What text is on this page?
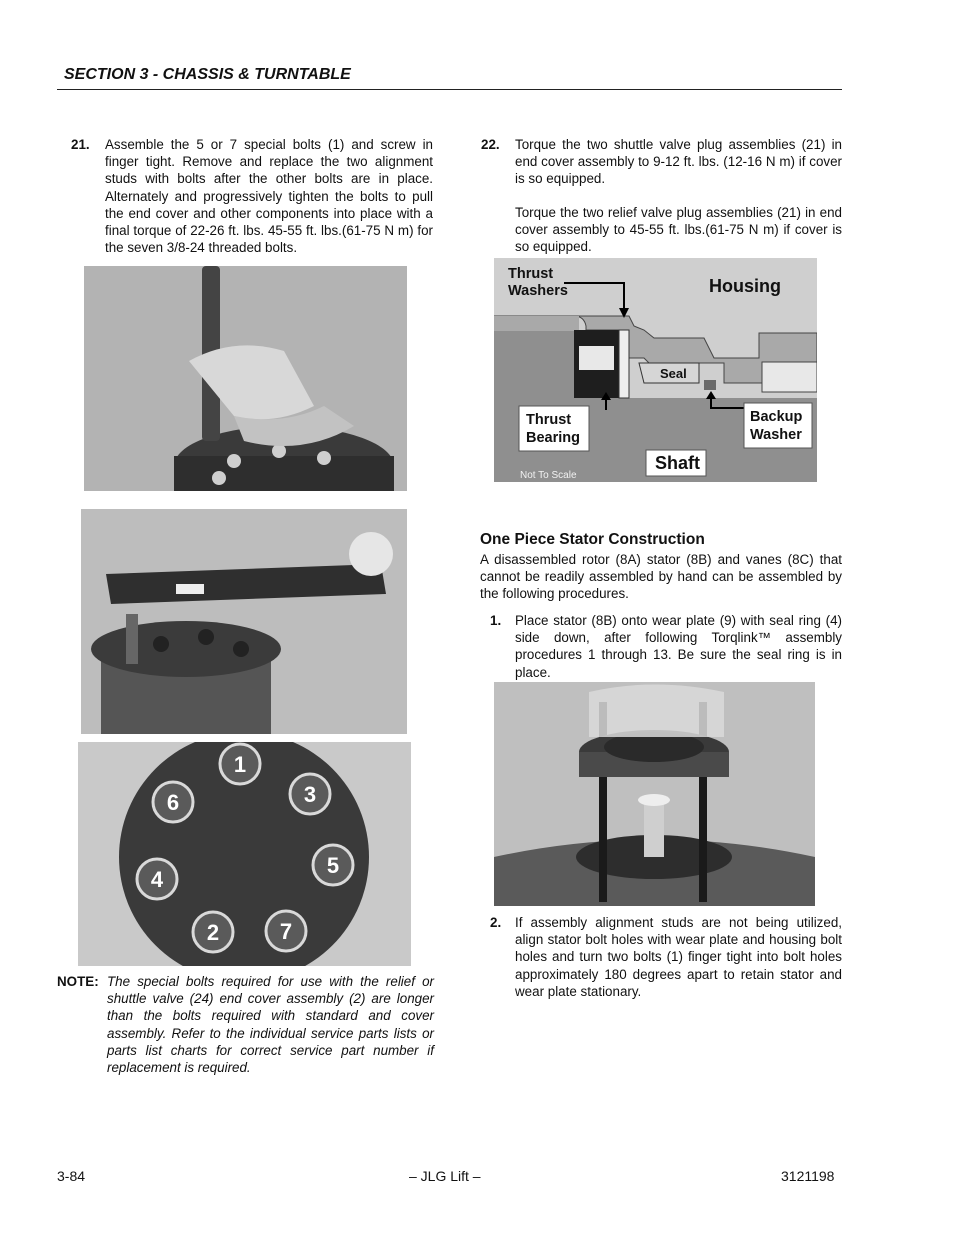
SECTION 3 - CHASSIS & TURNTABLE
21. Assemble the 5 or 7 special bolts (1) and screw in finger tight. Remove and replace the two alignment studs with bolts after the other bolts are in place. Alternately and progressively tighten the bolts to pull the end cover and other components into place with a final torque of 22-26 ft. lbs. 45-55 ft. lbs.(61-75 N m) for the seven 3/8-24 threaded bolts.
1
3
5
7
2
4
6
NOTE: The special bolts required for use with the relief or shuttle valve (24) end cover assembly (2) are longer than the bolts required with standard and cover assembly. Refer to the individual service parts lists or parts list charts for correct service part number if replacement is required.
22. Torque the two shuttle valve plug assemblies (21) in end cover assembly to 9-12 ft. lbs. (12-16 N m) if cover is so equipped.
Torque the two relief valve plug assemblies (21) in end cover assembly to 45-55 ft. lbs.(61-75 N m) if cover is so equipped.
Thrust
Washers	Housing
Seal
Thrust
Bearing
Backup
Washer
Shaft
Not To Scale
One Piece Stator Construction
A disassembled rotor (8A) stator (8B) and vanes (8C) that cannot be readily assembled by hand can be assembled by the following procedures.
1. Place stator (8B) onto wear plate (9) with seal ring (4) side down, after following Torqlink™ assembly procedures 1 through 13. Be sure the seal ring is in place.
2. If assembly alignment studs are not being utilized, align stator bolt holes with wear plate and housing bolt holes and turn two bolts (1) finger tight into bolt holes approximately 180 degrees apart to retain stator and wear plate stationary.
3-84	– JLG Lift –	3121198
